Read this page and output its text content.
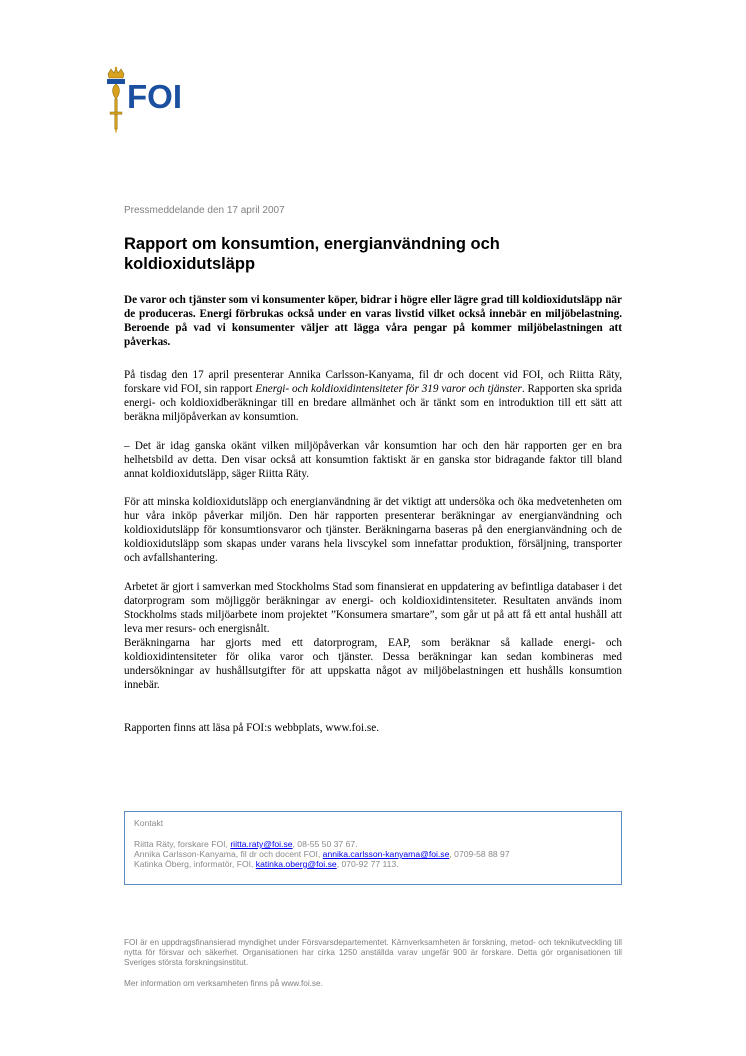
FOI
Pressmeddelande den 17 april 2007
Rapport om konsumtion, energianvändning och koldioxidutsläpp

De varor och tjänster som vi konsumenter köper, bidrar i högre eller lägre grad till koldioxidutsläpp när de produceras. Energi förbrukas också under en varas livstid vilket också innebär en miljöbelastning. Beroende på vad vi konsumenter väljer att lägga våra pengar på kommer miljöbelastningen att påverkas.

På tisdag den 17 april presenterar Annika Carlsson-Kanyama, fil dr och docent vid FOI, och Riitta Räty, forskare vid FOI, sin rapport Energi- och koldioxidintensiteter för 319 varor och tjänster. Rapporten ska sprida energi- och koldioxidberäkningar till en bredare allmänhet och är tänkt som en introduktion till ett sätt att beräkna miljöpåverkan av konsumtion.

– Det är idag ganska okänt vilken miljöpåverkan vår konsumtion har och den här rapporten ger en bra helhetsbild av detta. Den visar också att konsumtion faktiskt är en ganska stor bidragande faktor till bland annat koldioxidutsläpp, säger Riitta Räty.

För att minska koldioxidutsläpp och energianvändning är det viktigt att undersöka och öka medvetenheten om hur våra inköp påverkar miljön. Den här rapporten presenterar beräkningar av energianvändning och koldioxidutsläpp för konsumtionsvaror och tjänster. Beräkningarna baseras på den energianvändning och de koldioxidutsläpp som skapas under varans hela livscykel som innefattar produktion, försäljning, transporter och avfallshantering.

Arbetet är gjort i samverkan med Stockholms Stad som finansierat en uppdatering av befintliga databaser i det datorprogram som möjliggör beräkningar av energi- och koldioxidintensiteter. Resultaten används inom Stockholms stads miljöarbete inom projektet ”Konsumera smartare”, som går ut på att få ett antal hushåll att leva mer resurs- och energisnålt.

Beräkningarna har gjorts med ett datorprogram, EAP, som beräknar så kallade energi- och koldioxidintensiteter för olika varor och tjänster. Dessa beräkningar kan sedan kombineras med undersökningar av hushållsutgifter för att uppskatta något av miljöbelastningen ett hushålls konsumtion innebär.

Rapporten finns att läsa på FOI:s webbplats, www.foi.se.

Kontakt
Riitta Räty, forskare FOI, riitta.raty@foi.se, 08-55 50 37 67.
Annika Carlsson-Kanyama, fil dr och docent FOI, annika.carlsson-kanyama@foi.se, 0709-58 88 97
Katinka Öberg, informatör, FOI, katinka.oberg@foi.se, 070-92 77 113.

FOI är en uppdragsfinansierad myndighet under Försvarsdepartementet. Kärnverksamheten är forskning, metod- och teknikutveckling till nytta för försvar och säkerhet. Organisationen har cirka 1250 anställda varav ungefär 900 är forskare. Detta gör organisationen till Sveriges största forskningsinstitut.

Mer information om verksamheten finns på www.foi.se.
